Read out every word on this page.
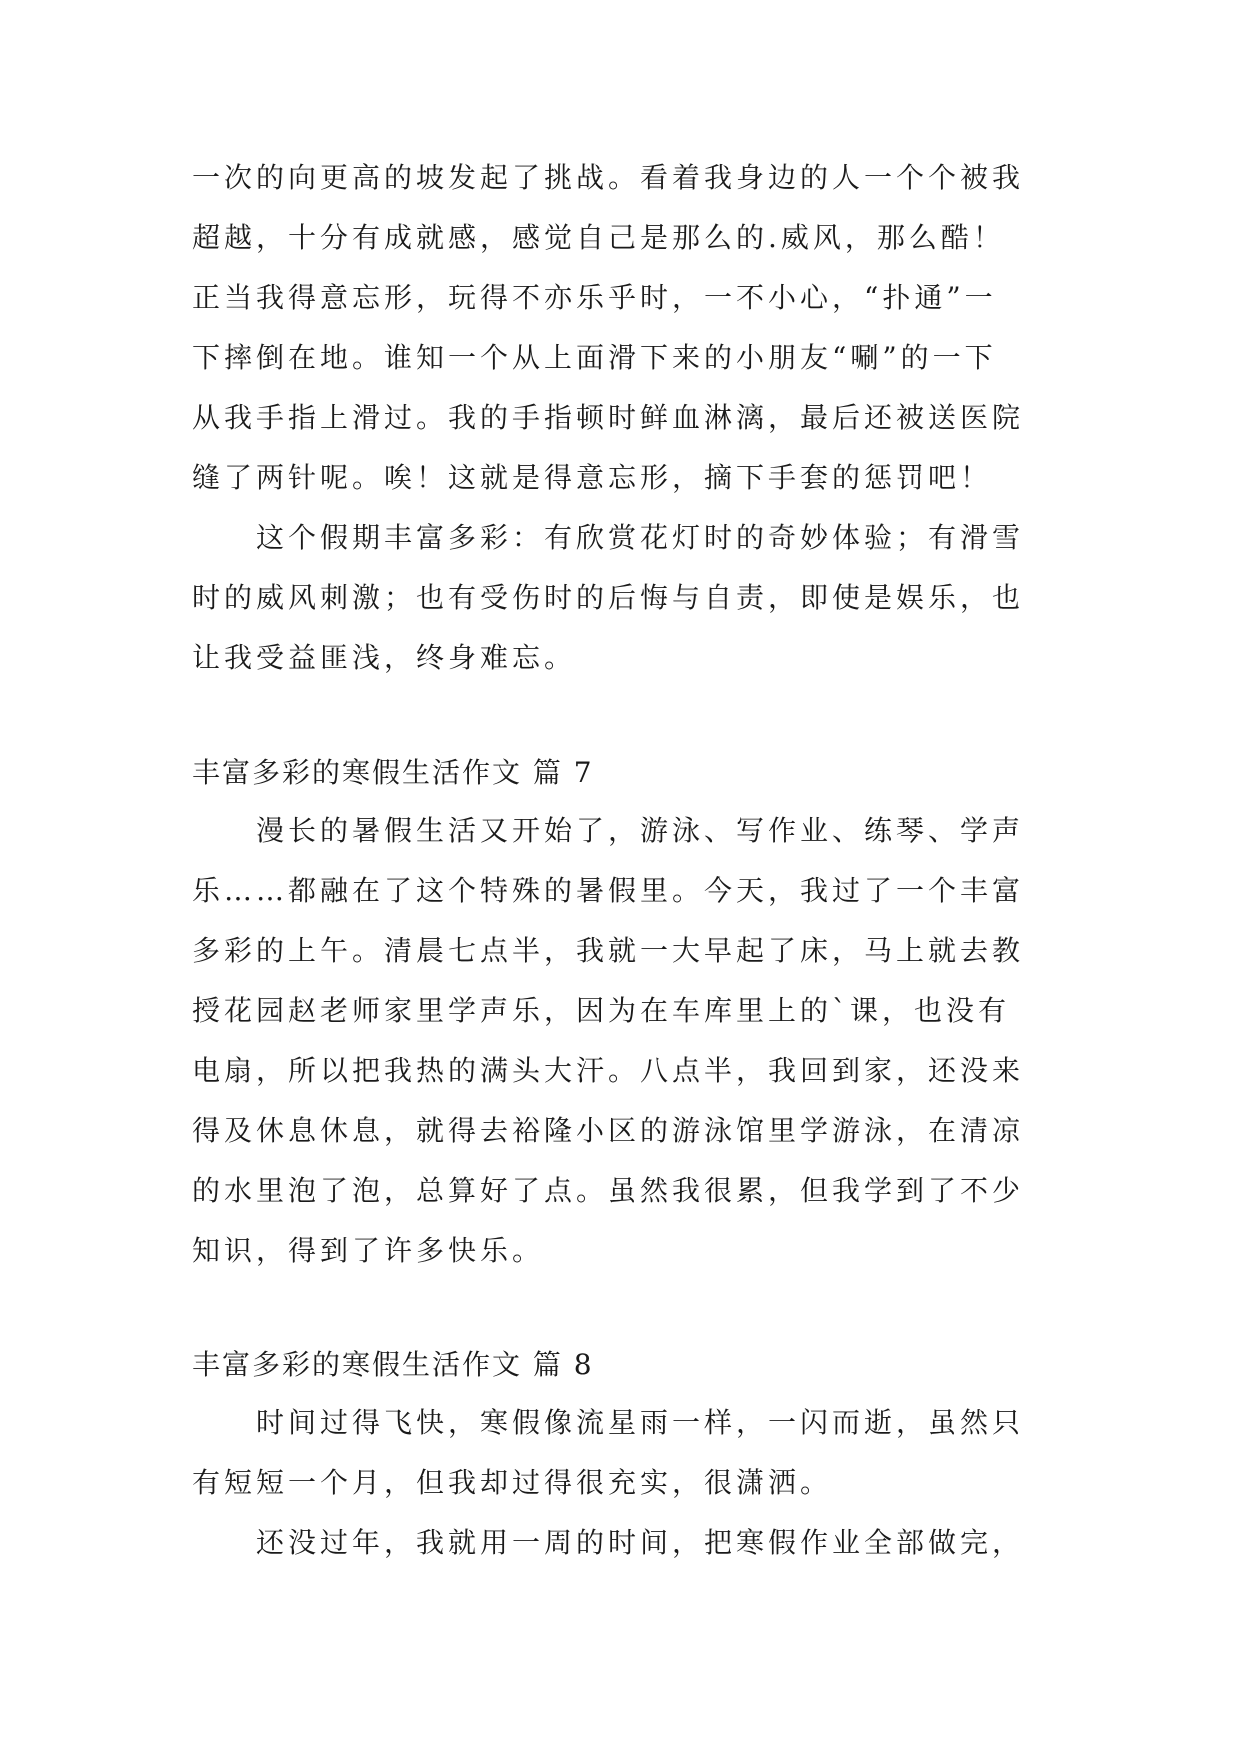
一次的向更高的坡发起了挑战。看着我身边的人一个个被我
超越，十分有成就感，感觉自己是那么的.威风，那么酷！
正当我得意忘形，玩得不亦乐乎时，一不小心，“扑通”一
下摔倒在地。谁知一个从上面滑下来的小朋友“唰”的一下
从我手指上滑过。我的手指顿时鲜血淋漓，最后还被送医院
缝了两针呢。唉！这就是得意忘形，摘下手套的惩罚吧！
这个假期丰富多彩：有欣赏花灯时的奇妙体验；有滑雪
时的威风刺激；也有受伤时的后悔与自责，即使是娱乐，也
让我受益匪浅，终身难忘。
丰富多彩的寒假生活作文 篇 7
漫长的暑假生活又开始了，游泳、写作业、练琴、学声
乐……都融在了这个特殊的暑假里。今天，我过了一个丰富
多彩的上午。清晨七点半，我就一大早起了床，马上就去教
授花园赵老师家里学声乐，因为在车库里上的`课，也没有
电扇，所以把我热的满头大汗。八点半，我回到家，还没来
得及休息休息，就得去裕隆小区的游泳馆里学游泳，在清凉
的水里泡了泡，总算好了点。虽然我很累，但我学到了不少
知识，得到了许多快乐。
丰富多彩的寒假生活作文 篇 8
时间过得飞快，寒假像流星雨一样，一闪而逝，虽然只
有短短一个月，但我却过得很充实，很潇洒。
还没过年，我就用一周的时间，把寒假作业全部做完，
